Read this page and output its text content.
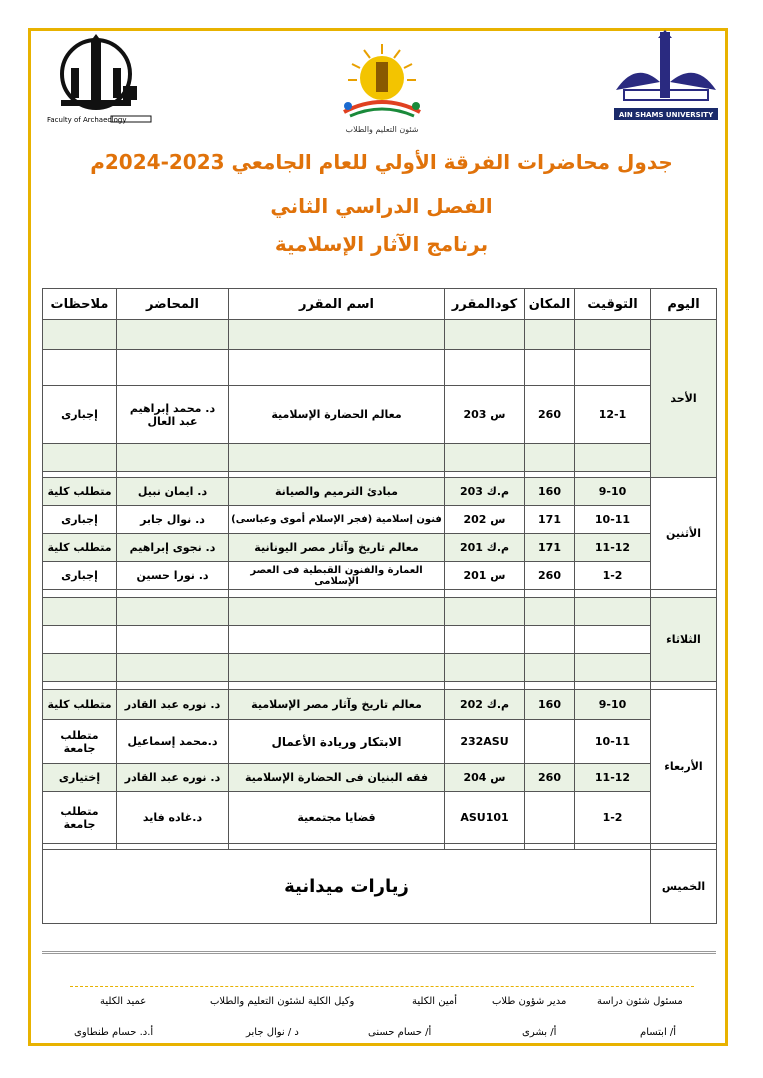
Faculty of Archaeology
شئون التعليم والطلاب
AIN SHAMS UNIVERSITY
جدول محاضرات الفرقة الأولي للعام الجامعي 2023-2024م
الفصل الدراسي الثاني
برنامج الآثار الإسلامية
اليوم	التوقيت	المكان	كودالمقرر	اسم المقرر	المحاضر	ملاحظات
الأحد						

	12-1	260	س 203	معالم الحضارة الإسلامية	د. محمد إبراهيم عبد العال	إجبارى

الأثنين	9-10	160	م.ك 203	مبادئ الترميم والصيانة	د. ايمان نبيل	متطلب كلية
	10-11	171	س 202	فنون إسلامية (فجر الإسلام أموى وعباسى)	د. نوال جابر	إجبارى
	11-12	171	م.ك 201	معالم تاريخ وآثار مصر اليونانية	د. نجوى إبراهيم	متطلب كلية
	1-2	260	س 201	العمارة والفنون القبطية فى العصر الإسلامى	د. نورا حسين	إجبارى

الثلاثاء						

الأربعاء	9-10	160	م.ك 202	معالم تاريخ وآثار مصر الإسلامية	د. نوره عبد القادر	متطلب كلية
	10-11		232ASU	الابتكار وريادة الأعمال	د.محمد إسماعيل	متطلب جامعة
	11-12	260	س 204	فقه البنيان فى الحضارة الإسلامية	د. نوره عبد القادر	إختيارى
	1-2		ASU101	قضايا مجتمعية	د.غاده فايد	متطلب جامعة

الخميس	زيارات ميدانية					
مسئول شئون دراسة
مدير شؤون طلاب
أمين الكلية
وكيل الكلية لشئون التعليم والطلاب
عميد الكلية
أ/ ابتسام
أ/ بشرى
أ/ حسام حسنى
د / نوال جابر
أ.د. حسام طنطاوى
